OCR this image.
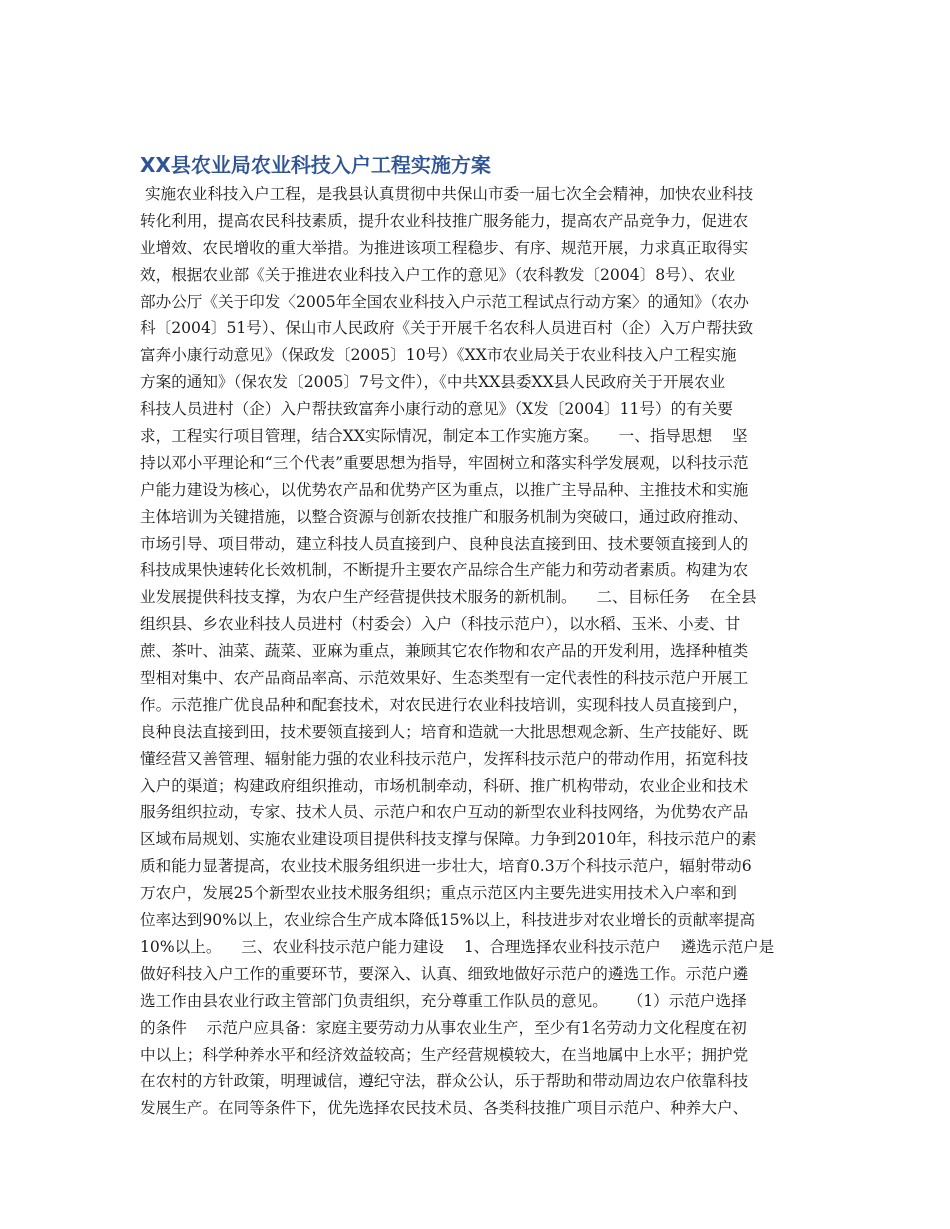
XX县农业局农业科技入户工程实施方案
实施农业科技入户工程，是我县认真贯彻中共保山市委一届七次全会精神，加快农业科技
转化利用，提高农民科技素质，提升农业科技推广服务能力，提高农产品竞争力，促进农
业增效、农民增收的重大举措。为推进该项工程稳步、有序、规范开展，力求真正取得实
效，根据农业部《关于推进农业科技入户工作的意见》（农科教发〔2004〕8号）、农业
部办公厅《关于印发〈2005年全国农业科技入户示范工程试点行动方案〉的通知》（农办
科〔2004〕51号）、保山市人民政府《关于开展千名农科人员进百村（企）入万户帮扶致
富奔小康行动意见》（保政发〔2005〕10号）《XX市农业局关于农业科技入户工程实施
方案的通知》（保农发〔2005〕7号文件），《中共XX县委XX县人民政府关于开展农业
科技人员进村（企）入户帮扶致富奔小康行动的意见》（X发〔2004〕11号）的有关要
求，工程实行项目管理，结合XX实际情况，制定本工作实施方案。    一、指导思想    坚
持以邓小平理论和“三个代表”重要思想为指导，牢固树立和落实科学发展观，以科技示范
户能力建设为核心，以优势农产品和优势产区为重点，以推广主导品种、主推技术和实施
主体培训为关键措施，以整合资源与创新农技推广和服务机制为突破口，通过政府推动、
市场引导、项目带动，建立科技人员直接到户、良种良法直接到田、技术要领直接到人的
科技成果快速转化长效机制，不断提升主要农产品综合生产能力和劳动者素质。构建为农
业发展提供科技支撑，为农户生产经营提供技术服务的新机制。    二、目标任务    在全县
组织县、乡农业科技人员进村（村委会）入户（科技示范户），以水稻、玉米、小麦、甘
蔗、茶叶、油菜、蔬菜、亚麻为重点，兼顾其它农作物和农产品的开发利用，选择种植类
型相对集中、农产品商品率高、示范效果好、生态类型有一定代表性的科技示范户开展工
作。示范推广优良品种和配套技术，对农民进行农业科技培训，实现科技人员直接到户，
良种良法直接到田，技术要领直接到人；培育和造就一大批思想观念新、生产技能好、既
懂经营又善管理、辐射能力强的农业科技示范户，发挥科技示范户的带动作用，拓宽科技
入户的渠道；构建政府组织推动，市场机制牵动，科研、推广机构带动，农业企业和技术
服务组织拉动，专家、技术人员、示范户和农户互动的新型农业科技网络，为优势农产品
区域布局规划、实施农业建设项目提供科技支撑与保障。力争到2010年，科技示范户的素
质和能力显著提高，农业技术服务组织进一步壮大，培育0.3万个科技示范户，辐射带动6
万农户，发展25个新型农业技术服务组织；重点示范区内主要先进实用技术入户率和到
位率达到90%以上，农业综合生产成本降低15%以上，科技进步对农业增长的贡献率提高
10%以上。    三、农业科技示范户能力建设    1、合理选择农业科技示范户    遴选示范户是
做好科技入户工作的重要环节，要深入、认真、细致地做好示范户的遴选工作。示范户遴
选工作由县农业行政主管部门负责组织，充分尊重工作队员的意见。    （1）示范户选择
的条件    示范户应具备：家庭主要劳动力从事农业生产，至少有1名劳动力文化程度在初
中以上；科学种养水平和经济效益较高；生产经营规模较大，在当地属中上水平；拥护党
在农村的方针政策，明理诚信，遵纪守法，群众公认，乐于帮助和带动周边农户依靠科技
发展生产。在同等条件下，优先选择农民技术员、各类科技推广项目示范户、种养大户、
